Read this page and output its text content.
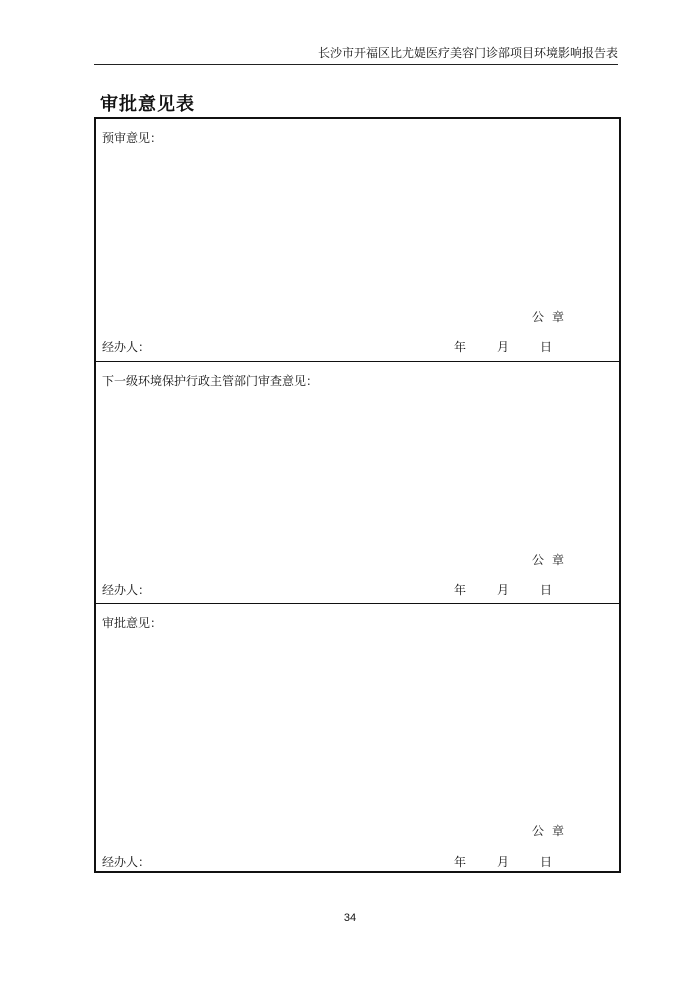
长沙市开福区比尤媞医疗美容门诊部项目环境影响报告表
审批意见表
预审意见：
公章
经办人：	年	月	日
下一级环境保护行政主管部门审查意见：
公章
经办人：	年	月	日
审批意见：
公章
经办人：	年	月	日
34
